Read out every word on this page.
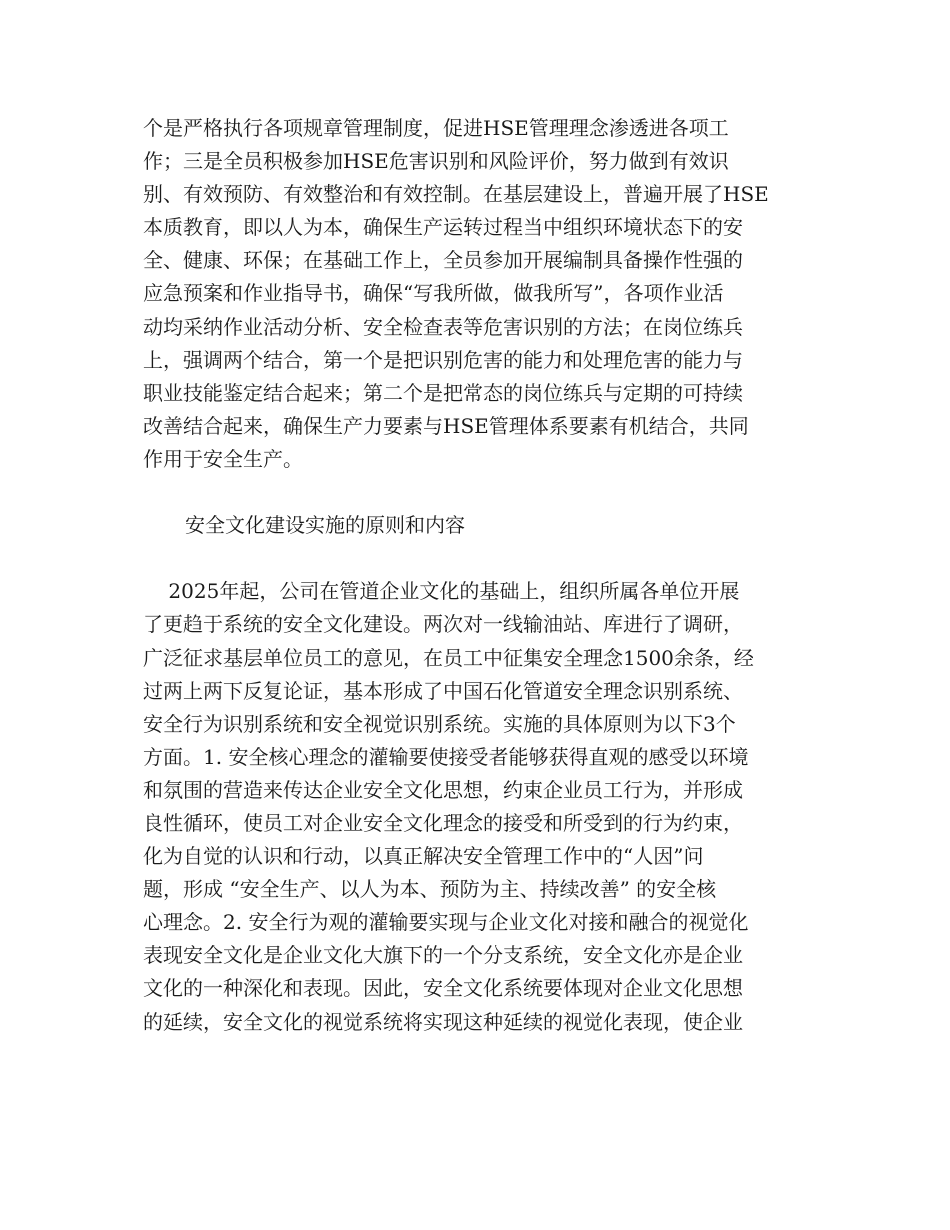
个是严格执行各项规章管理制度，促进HSE管理理念渗透进各项工
作；三是全员积极参加HSE危害识别和风险评价，努力做到有效识
别、有效预防、有效整治和有效控制。在基层建设上，普遍开展了HSE
本质教育，即以人为本，确保生产运转过程当中组织环境状态下的安
全、健康、环保；在基础工作上，全员参加开展编制具备操作性强的
应急预案和作业指导书，确保“写我所做，做我所写”，各项作业活
动均采纳作业活动分析、安全检查表等危害识别的方法；在岗位练兵
上，强调两个结合，第一个是把识别危害的能力和处理危害的能力与
职业技能鉴定结合起来；第二个是把常态的岗位练兵与定期的可持续
改善结合起来，确保生产力要素与HSE管理体系要素有机结合，共同
作用于安全生产。
安全文化建设实施的原则和内容
2025年起，公司在管道企业文化的基础上，组织所属各单位开展
了更趋于系统的安全文化建设。两次对一线输油站、库进行了调研，
广泛征求基层单位员工的意见，在员工中征集安全理念1500余条，经
过两上两下反复论证，基本形成了中国石化管道安全理念识别系统、
安全行为识别系统和安全视觉识别系统。实施的具体原则为以下3个
方面。1. 安全核心理念的灌输要使接受者能够获得直观的感受以环境
和氛围的营造来传达企业安全文化思想，约束企业员工行为，并形成
良性循环，使员工对企业安全文化理念的接受和所受到的行为约束，
化为自觉的认识和行动，以真正解决安全管理工作中的“人因”问
题，形成 “安全生产、以人为本、预防为主、持续改善” 的安全核
心理念。2. 安全行为观的灌输要实现与企业文化对接和融合的视觉化
表现安全文化是企业文化大旗下的一个分支系统，安全文化亦是企业
文化的一种深化和表现。因此，安全文化系统要体现对企业文化思想
的延续，安全文化的视觉系统将实现这种延续的视觉化表现，使企业
